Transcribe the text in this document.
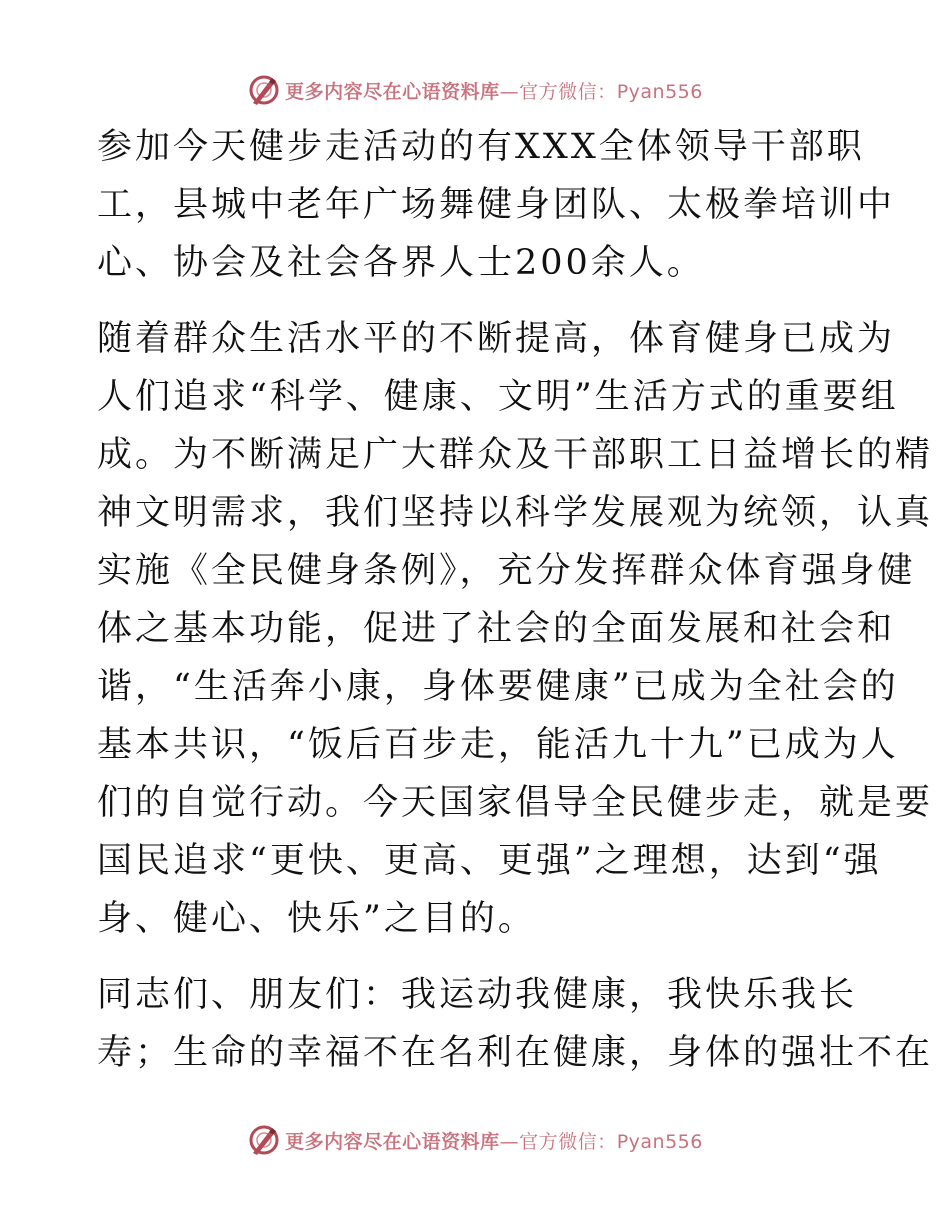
更多内容尽在心语资料库—官方微信：Pyan556

参加今天健步走活动的有XXX全体领导干部职
工，县城中老年广场舞健身团队、太极拳培训中
心、协会及社会各界人士200余人。

随着群众生活水平的不断提高，体育健身已成为
人们追求“科学、健康、文明”生活方式的重要组
成。为不断满足广大群众及干部职工日益增长的精
神文明需求，我们坚持以科学发展观为统领，认真
实施《全民健身条例》，充分发挥群众体育强身健
体之基本功能，促进了社会的全面发展和社会和
谐，“生活奔小康，身体要健康”已成为全社会的
基本共识，“饭后百步走，能活九十九”已成为人
们的自觉行动。今天国家倡导全民健步走，就是要
国民追求“更快、更高、更强”之理想，达到“强
身、健心、快乐”之目的。

同志们、朋友们：我运动我健康，我快乐我长
寿；生命的幸福不在名利在健康，身体的强壮不在

更多内容尽在心语资料库—官方微信：Pyan556
